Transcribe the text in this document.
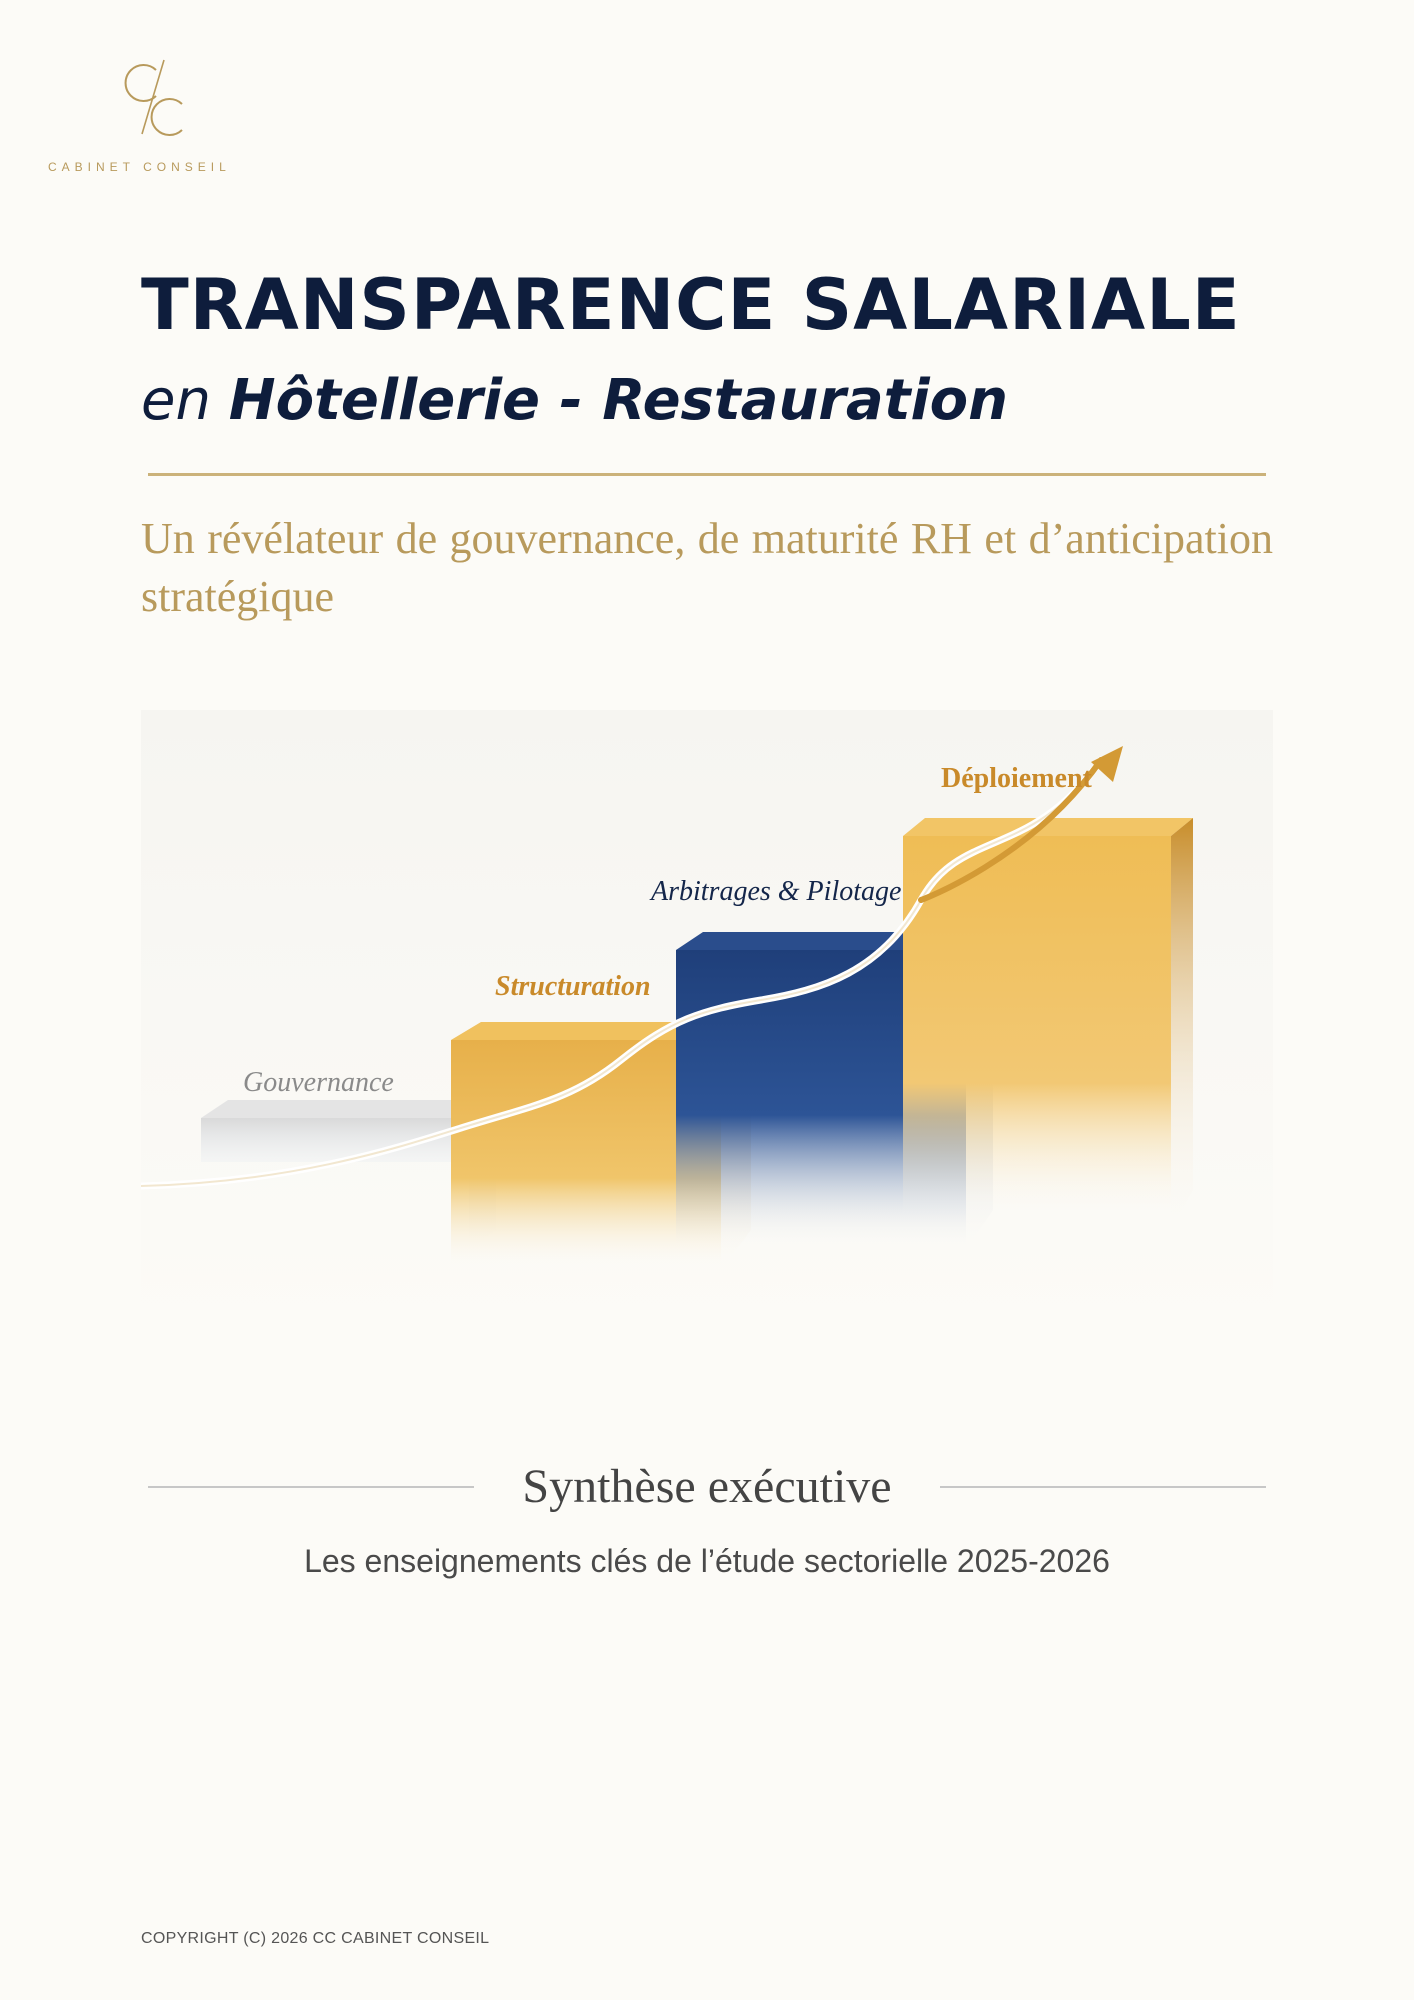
CABINET CONSEIL
TRANSPARENCE SALARIALE
en Hôtellerie - Restauration
Un révélateur de gouvernance, de maturité RH et d’anticipation stratégique
Gouvernance
Structuration
Arbitrages & Pilotage
Déploiement
Synthèse exécutive
Les enseignements clés de l’étude sectorielle 2025-2026
COPYRIGHT (C) 2026 CC CABINET CONSEIL
